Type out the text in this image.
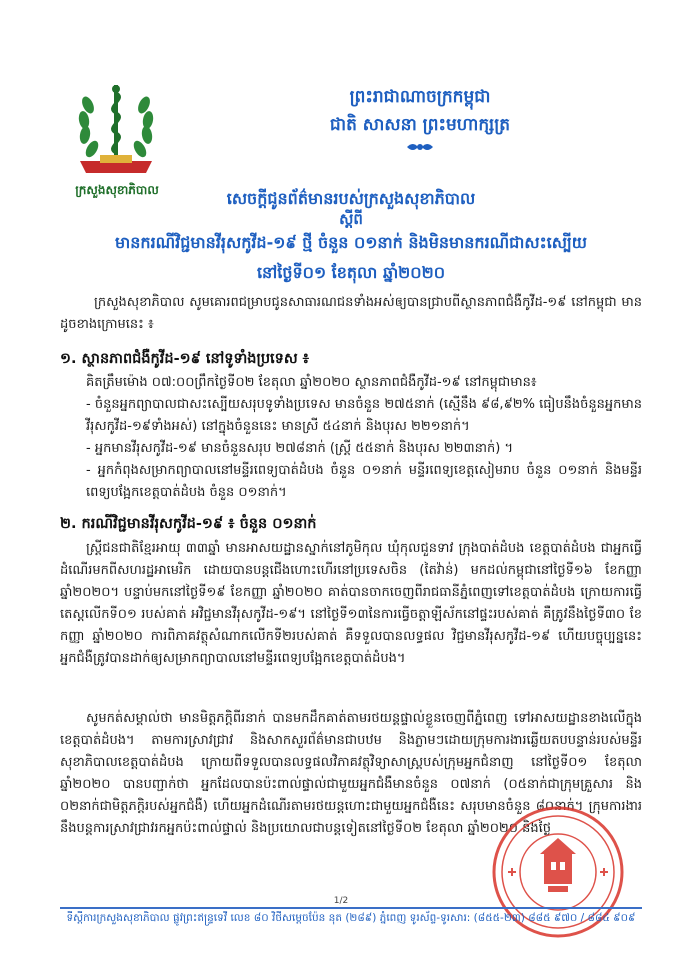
ក្រសួងសុខាភិបាល
ព្រះរាជាណាចក្រកម្ពុជា
ជាតិ សាសនា ព្រះមហាក្សត្រ
សេចក្ដីជូនព័ត៌មានរបស់ក្រសួងសុខាភិបាល
ស្ដីពី
មានករណីវិជ្ជមានវីរុសកូវីដ-១៩ ថ្មី ចំនួន ០១នាក់ និងមិនមានករណីជាសះស្បើយ
នៅថ្ងៃទី០១ ខែតុលា ឆ្នាំ២០២០
ក្រសួងសុខាភិបាល សូមគោរពជម្រាបជូនសាធារណជនទាំងអស់ឲ្យបានជ្រាបពីស្ថានភាពជំងឺកូវីដ-១៩ នៅកម្ពុជា មានដូចខាងក្រោមនេះ ៖
១. ស្ថានភាពជំងឺកូវីដ-១៩ នៅទូទាំងប្រទេស ៖

គិតត្រឹមម៉ោង ០៧:០០ព្រឹកថ្ងៃទី០២ ខែតុលា ឆ្នាំ២០២០ ស្ថានភាពជំងឺកូវីដ-១៩ នៅកម្ពុជាមាន៖

- ចំនួនអ្នកព្យាបាលជាសះស្បើយសរុបទូទាំងប្រទេស មានចំនួន ២៧៥នាក់ (ស្មើនឹង ៩៨,៩២% ធៀបនឹងចំនួនអ្នកមានវីរុសកូវីដ-១៩ទាំងអស់) នៅក្នុងចំនួននេះ មានស្រី ៥៤នាក់ និងបុរស ២២១នាក់។

- អ្នកមានវីរុសកូវីដ-១៩ មានចំនួនសរុប ២៧៨នាក់ (ស្ត្រី ៥៥នាក់ និងបុរស ២២៣នាក់) ។

- អ្នកកំពុងសម្រាកព្យាបាលនៅមន្ទីរពេទ្យបាត់ដំបង ចំនួន ០១នាក់ មន្ទីរពេទ្យខេត្តសៀមរាប ចំនួន ០១នាក់ និងមន្ទីរពេទ្យបង្អែកខេត្តបាត់ដំបង ចំនួន ០១នាក់។

២. ករណីវិជ្ជមានវីរុសកូវីដ-១៩ ៖ ចំនួន ០១នាក់
ស្ត្រីជនជាតិខ្មែរអាយុ ៣៣ឆ្នាំ មានអាសយដ្ឋានស្នាក់នៅភូមិកុល ឃុំកុលជួនទាវ ក្រុងបាត់ដំបង ខេត្តបាត់ដំបង ជាអ្នកធ្វើដំណើរមកពីសហរដ្ឋអាមេរិក ដោយបានបន្តជើងហោះហើរនៅប្រទេសចិន (តៃវ៉ាន់) មកដល់កម្ពុជានៅថ្ងៃទី១៦ ខែកញ្ញា ឆ្នាំ២០២០។ បន្ទាប់មកនៅថ្ងៃទី១៩ ខែកញ្ញា ឆ្នាំ២០២០ គាត់បានចាកចេញពីរាជធានីភ្នំពេញទៅខេត្តបាត់ដំបង ក្រោយការធ្វើតេស្តលើកទី០១ របស់គាត់ អវិជ្ជមានវីរុសកូវីដ-១៩។ នៅថ្ងៃទី១៣នៃការធ្វើចត្តាឡីស័កនៅផ្ទះរបស់គាត់ គឺត្រូវនឹងថ្ងៃទី៣០ ខែកញ្ញា ឆ្នាំ២០២០ ការពិភាគវត្ថុសំណាកលើកទី២របស់គាត់ គឺទទួលបានលទ្ធផល វិជ្ជមានវីរុសកូវីដ-១៩ ហើយបច្ចុប្បន្ននេះ អ្នកជំងឺត្រូវបានដាក់ឲ្យសម្រាកព្យាបាលនៅមន្ទីរពេទ្យបង្អែកខេត្តបាត់ដំបង។
សូមកត់សម្គាល់ថា មានមិត្តភក្តិពីរនាក់ បានមកដឹកគាត់តាមរថយន្តផ្ទាល់ខ្លួនចេញពីភ្នំពេញ ទៅអាសយដ្ឋានខាងលើក្នុងខេត្តបាត់ដំបង។ តាមការស្រាវជ្រាវ និងសាកសួរព័ត៌មានជាបឋម និងភ្លាមៗដោយក្រុមការងារឆ្លើយតបបន្ទាន់របស់មន្ទីរសុខាភិបាលខេត្តបាត់ដំបង ក្រោយពីទទួលបានលទ្ធផលវិភាគវត្ថុវិទ្យាសាស្ត្របស់ក្រុមអ្នកជំនាញ នៅថ្ងៃទី០១ ខែតុលា ឆ្នាំ២០២០ បានបញ្ជាក់ថា អ្នកដែលបានប៉ះពាល់ផ្ទាល់ជាមួយអ្នកជំងឺមានចំនួន ០៧នាក់ (០៥នាក់ជាក្រុមគ្រួសារ និង ០២នាក់ជាមិត្តភក្តិរបស់អ្នកជំងឺ) ហើយអ្នកដំណើរតាមរថយន្តហោះជាមួយអ្នកជំងឺនេះ សរុបមានចំនួន ៨០នាក់។ ក្រុមការងារនឹងបន្តការស្រាវជ្រាវរកអ្នកប៉ះពាល់ផ្ទាល់ និងប្រយោលជាបន្តទៀតនៅថ្ងៃទី០២ ខែតុលា ឆ្នាំ២០២០ និងថ្ងៃ
1/2
ទីស្តីការក្រសួងសុខាភិបាល ផ្លូវព្រះឥន្ទ្រទេវី លេខ ៨០ វិថីសម្ដេចប៉ែន នុត (២៨៩) ភ្នំពេញ ទូរស័ព្ទ-ទូរសារ: (៨៥៥-២៣) ៨៨៥ ៩៧០ / ៨៨៤ ៩០៩
